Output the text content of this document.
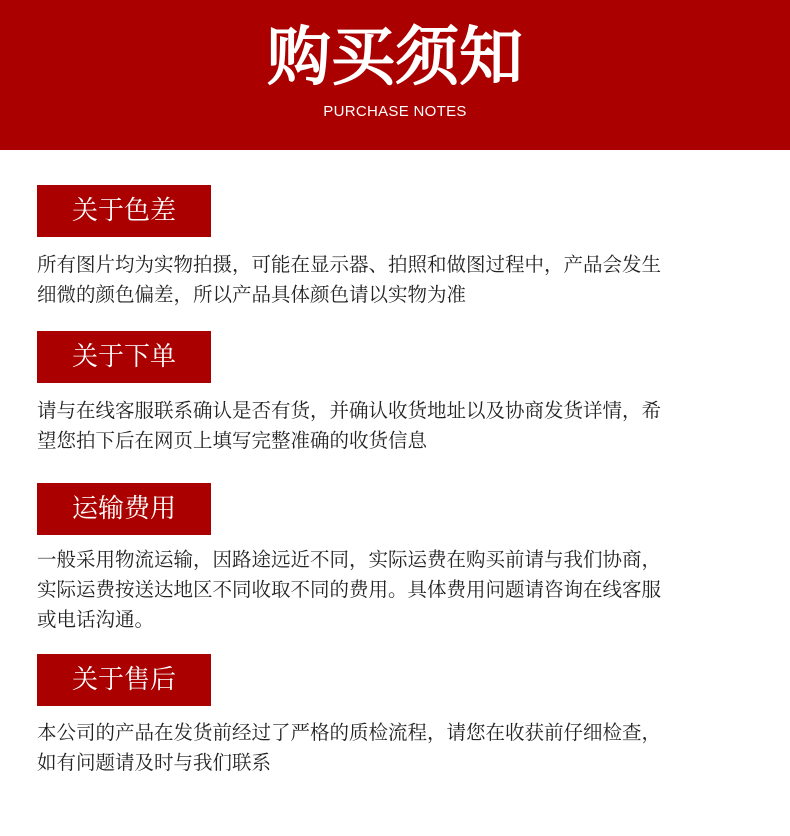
购买须知
PURCHASE NOTES
关于色差
所有图片均为实物拍摄，可能在显示器、拍照和做图过程中，产品会发生
细微的颜色偏差，所以产品具体颜色请以实物为准
关于下单
请与在线客服联系确认是否有货，并确认收货地址以及协商发货详情，希
望您拍下后在网页上填写完整准确的收货信息
运输费用
一般采用物流运输，因路途远近不同，实际运费在购买前请与我们协商，
实际运费按送达地区不同收取不同的费用。具体费用问题请咨询在线客服
或电话沟通。
关于售后
本公司的产品在发货前经过了严格的质检流程，请您在收获前仔细检查，
如有问题请及时与我们联系
